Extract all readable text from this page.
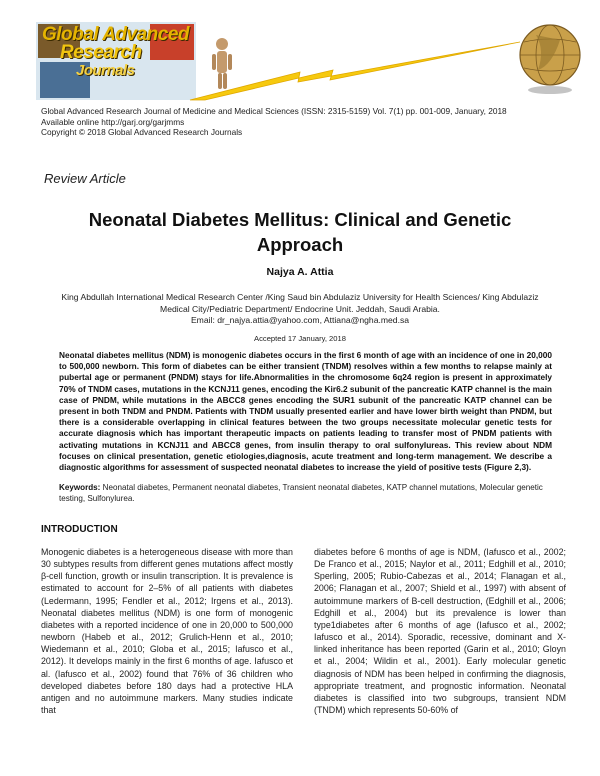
Global Advanced
Research
Journals
Global Advanced Research Journal of Medicine and Medical Sciences (ISSN: 2315-5159) Vol. 7(1) pp. 001-009, January, 2018
Available online http://garj.org/garjmms
Copyright © 2018 Global Advanced Research Journals
Review Article
Neonatal Diabetes Mellitus: Clinical and Genetic Approach
Najya A. Attia
King Abdullah International Medical Research Center /King Saud bin Abdulaziz University for Health Sciences/ King Abdulaziz Medical City/Pediatric Department/ Endocrine Unit. Jeddah, Saudi Arabia.
Email: dr_najya.attia@yahoo.com, Attiana@ngha.med.sa
Accepted 17 January, 2018
Neonatal diabetes mellitus (NDM) is monogenic diabetes occurs in the first 6 month of age with an incidence of one in 20,000 to 500,000 newborn. This form of diabetes can be either transient (TNDM) resolves within a few months to relapse mainly at pubertal age or permanent (PNDM) stays for life.Abnormalities in the chromosome 6q24 region is present in approximately 70% of TNDM cases, mutations in the KCNJ11 genes, encoding the Kir6.2 subunit of the pancreatic KATP channel is the main case of PNDM, while mutations in the ABCC8 genes encoding the SUR1 subunit of the pancreatic KATP channel can be present in both TNDM and PNDM. Patients with TNDM usually presented earlier and have lower birth weight than PNDM, but there is a considerable overlapping in clinical features between the two groups necessitate molecular genetic tests for accurate diagnosis which has important therapeutic impacts on patients leading to transfer most of PNDM patients with activating mutations in KCNJ11 and ABCC8 genes, from insulin therapy to oral sulfonylureas. This review about NDM focuses on clinical presentation, genetic etiologies,diagnosis, acute treatment and long-term management. We describe a diagnostic algorithms for assessment of suspected neonatal diabetes to increase the yield of positive tests (Figure 2,3).
Keywords: Neonatal diabetes, Permanent neonatal diabetes, Transient neonatal diabetes, KATP channel mutations, Molecular genetic testing, Sulfonylurea.
INTRODUCTION
Monogenic diabetes is a heterogeneous disease with more than 30 subtypes results from different genes mutations affect mostly β-cell function, growth or insulin transcription. It is prevalence is estimated to account for 2–5% of all patients with diabetes (Ledermann, 1995; Fendler et al., 2012; Irgens et al., 2013). Neonatal diabetes mellitus (NDM) is one form of monogenic diabetes with a reported incidence of one in 20,000 to 500,000 newborn (Habeb et al., 2012; Grulich-Henn et al., 2010; Wiedemann et al., 2010; Globa et al., 2015; Iafusco et al., 2012). It develops mainly in the first 6 months of age. Iafusco et al. (Iafusco et al., 2002) found that 76% of 36 children who developed diabetes before 180 days had a protective HLA antigen and no autoimmune markers. Many studies indicate that
diabetes before 6 months of age is NDM, (Iafusco et al., 2002; De Franco et al., 2015; Naylor et al., 2011; Edghill et al., 2010; Sperling, 2005; Rubio-Cabezas et al., 2014; Flanagan et al., 2006; Flanagan et al., 2007; Shield et al., 1997) with absent of autoimmune markers of B-cell destruction, (Edghill et al., 2006; Edghill et al., 2004) but its prevalence is lower than type1diabetes after 6 months of age (Iafusco et al., 2002; Iafusco et al., 2014). Sporadic, recessive, dominant and X-linked inheritance has been reported (Garin et al., 2010; Gloyn et al., 2004; Wildin et al., 2001). Early molecular genetic diagnosis of NDM has been helped in confirming the diagnosis, appropriate treatment, and prognostic information. Neonatal diabetes is classified into two subgroups, transient NDM (TNDM) which represents 50-60% of
